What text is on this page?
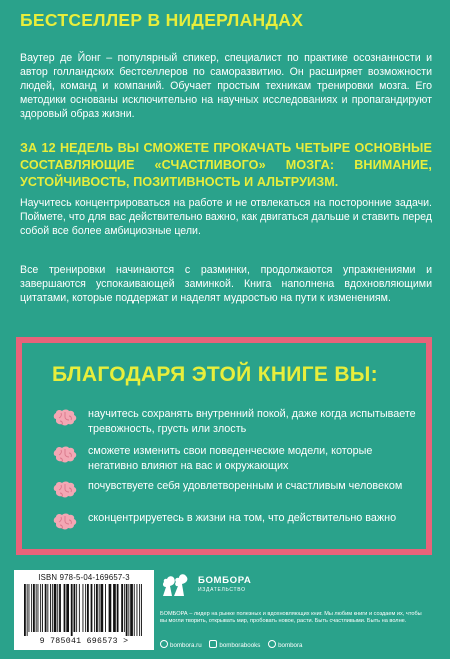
БЕСТСЕЛЛЕР В НИДЕРЛАНДАХ
Ваутер де Йонг – популярный спикер, специалист по практике осознанности и автор голландских бестселлеров по саморазвитию. Он расширяет возможности людей, команд и компаний. Обучает простым техникам тренировки мозга. Его методики основаны исключительно на научных исследованиях и пропагандируют здоровый образ жизни.
ЗА 12 НЕДЕЛЬ ВЫ СМОЖЕТЕ ПРОКАЧАТЬ ЧЕТЫРЕ ОСНОВНЫЕ СОСТАВЛЯЮЩИЕ «СЧАСТЛИВОГО» МОЗГА: ВНИМАНИЕ, УСТОЙЧИВОСТЬ, ПОЗИТИВНОСТЬ И АЛЬТРУИЗМ.
Научитесь концентрироваться на работе и не отвлекаться на посторонние задачи. Поймете, что для вас действительно важно, как двигаться дальше и ставить перед собой все более амбициозные цели.
Все тренировки начинаются с разминки, продолжаются упражнениями и завершаются успокаивающей заминкой. Книга наполнена вдохновляющими цитатами, которые поддержат и наделят мудростью на пути к изменениям.
БЛАГОДАРЯ ЭТОЙ КНИГЕ ВЫ:
научитесь сохранять внутренний покой, даже когда испытываете тревожность, грусть или злость
сможете изменить свои поведенческие модели, которые негативно влияют на вас и окружающих
почувствуете себя удовлетворенным и счастливым человеком
сконцентрируетесь в жизни на том, что действительно важно
ISBN 978-5-04-169657-3
9 785041 696573 >
БОМБОРА
ИЗДАТЕЛЬСТВО
БОМБОРА – лидер на рынке полезных и вдохновляющих книг. Мы любим книги и создаем их, чтобы вы могли творить, открывать мир, пробовать новое, расти. Быть счастливыми. Быть на волне.
bombora.ru	bomborabooks	bombora
